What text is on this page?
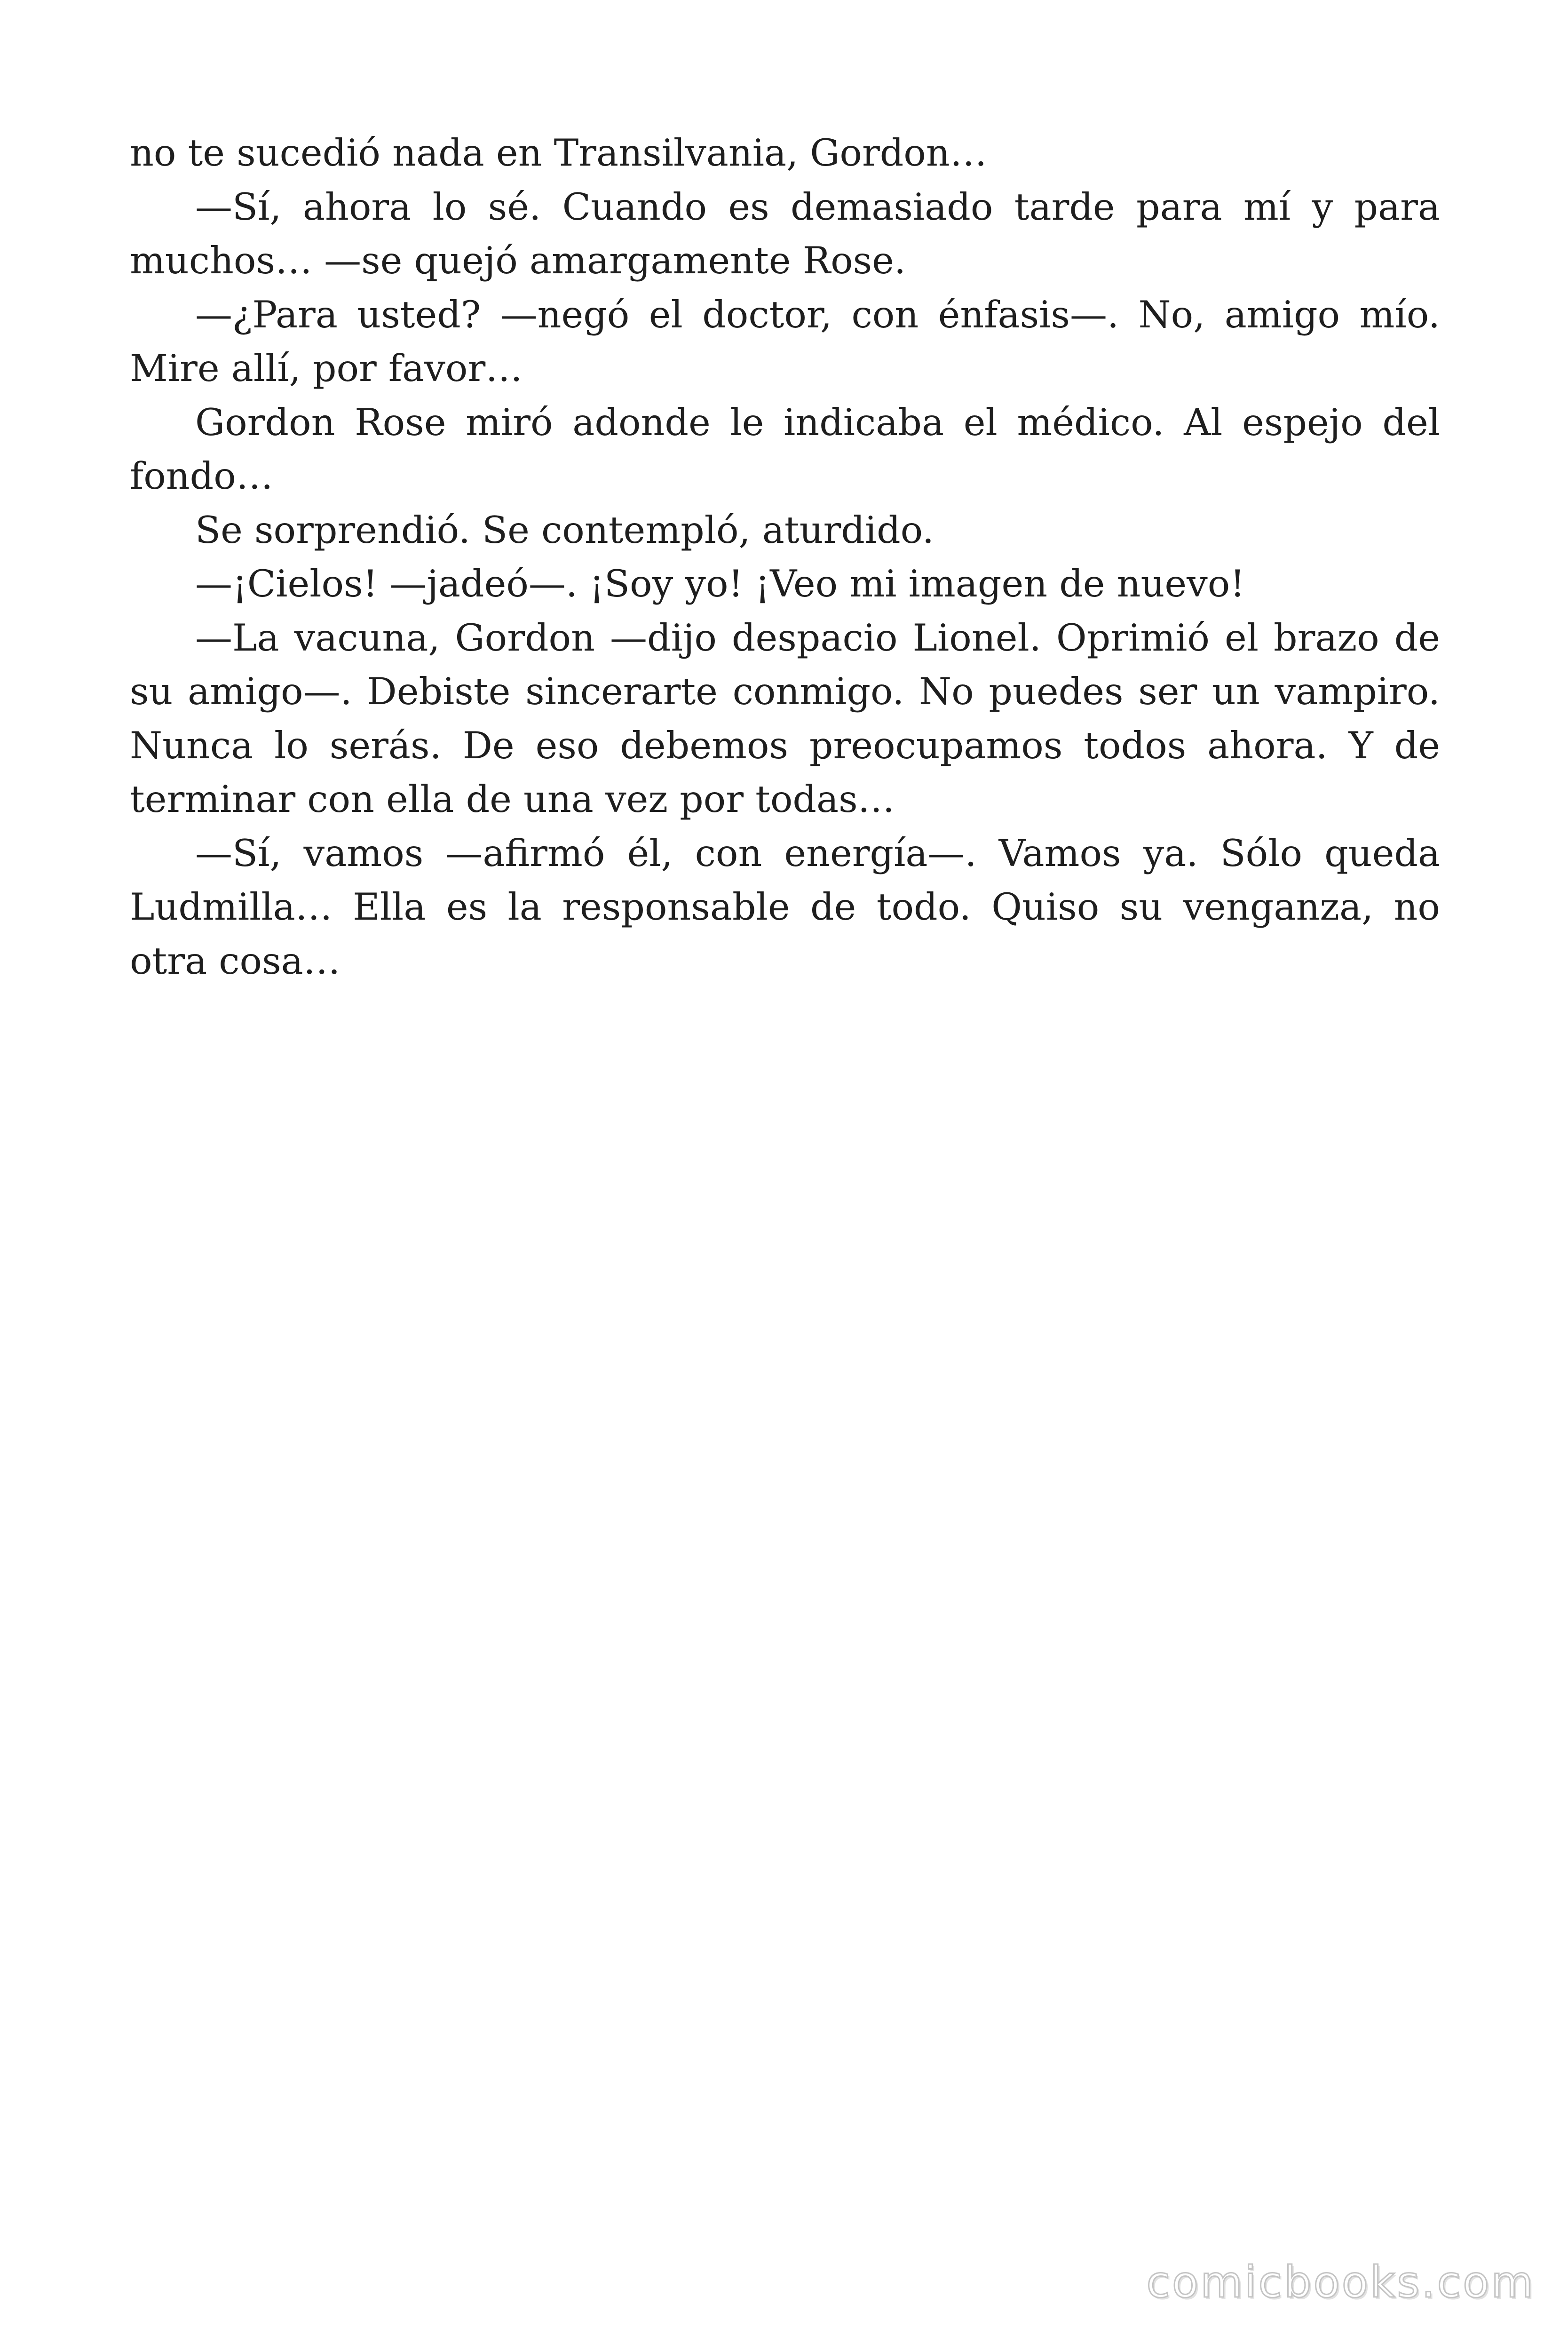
no te sucedió nada en Transilvania, Gordon…

—Sí, ahora lo sé. Cuando es demasiado tarde para mí y para muchos… —se quejó amargamente Rose.

—¿Para usted? —negó el doctor, con énfasis—. No, amigo mío. Mire allí, por favor…

Gordon Rose miró adonde le indicaba el médico. Al espejo del fondo…

Se sorprendió. Se contempló, aturdido.

—¡Cielos! —jadeó—. ¡Soy yo! ¡Veo mi imagen de nuevo!

—La vacuna, Gordon —dijo despacio Lionel. Oprimió el brazo de su amigo—. Debiste sincerarte conmigo. No puedes ser un vampiro. Nunca lo serás. De eso debemos preocupamos todos ahora. Y de terminar con ella de una vez por todas…

—Sí, vamos —afirmó él, con energía—. Vamos ya. Sólo queda Ludmilla… Ella es la responsable de todo. Quiso su venganza, no otra cosa…

comicbooks.com
